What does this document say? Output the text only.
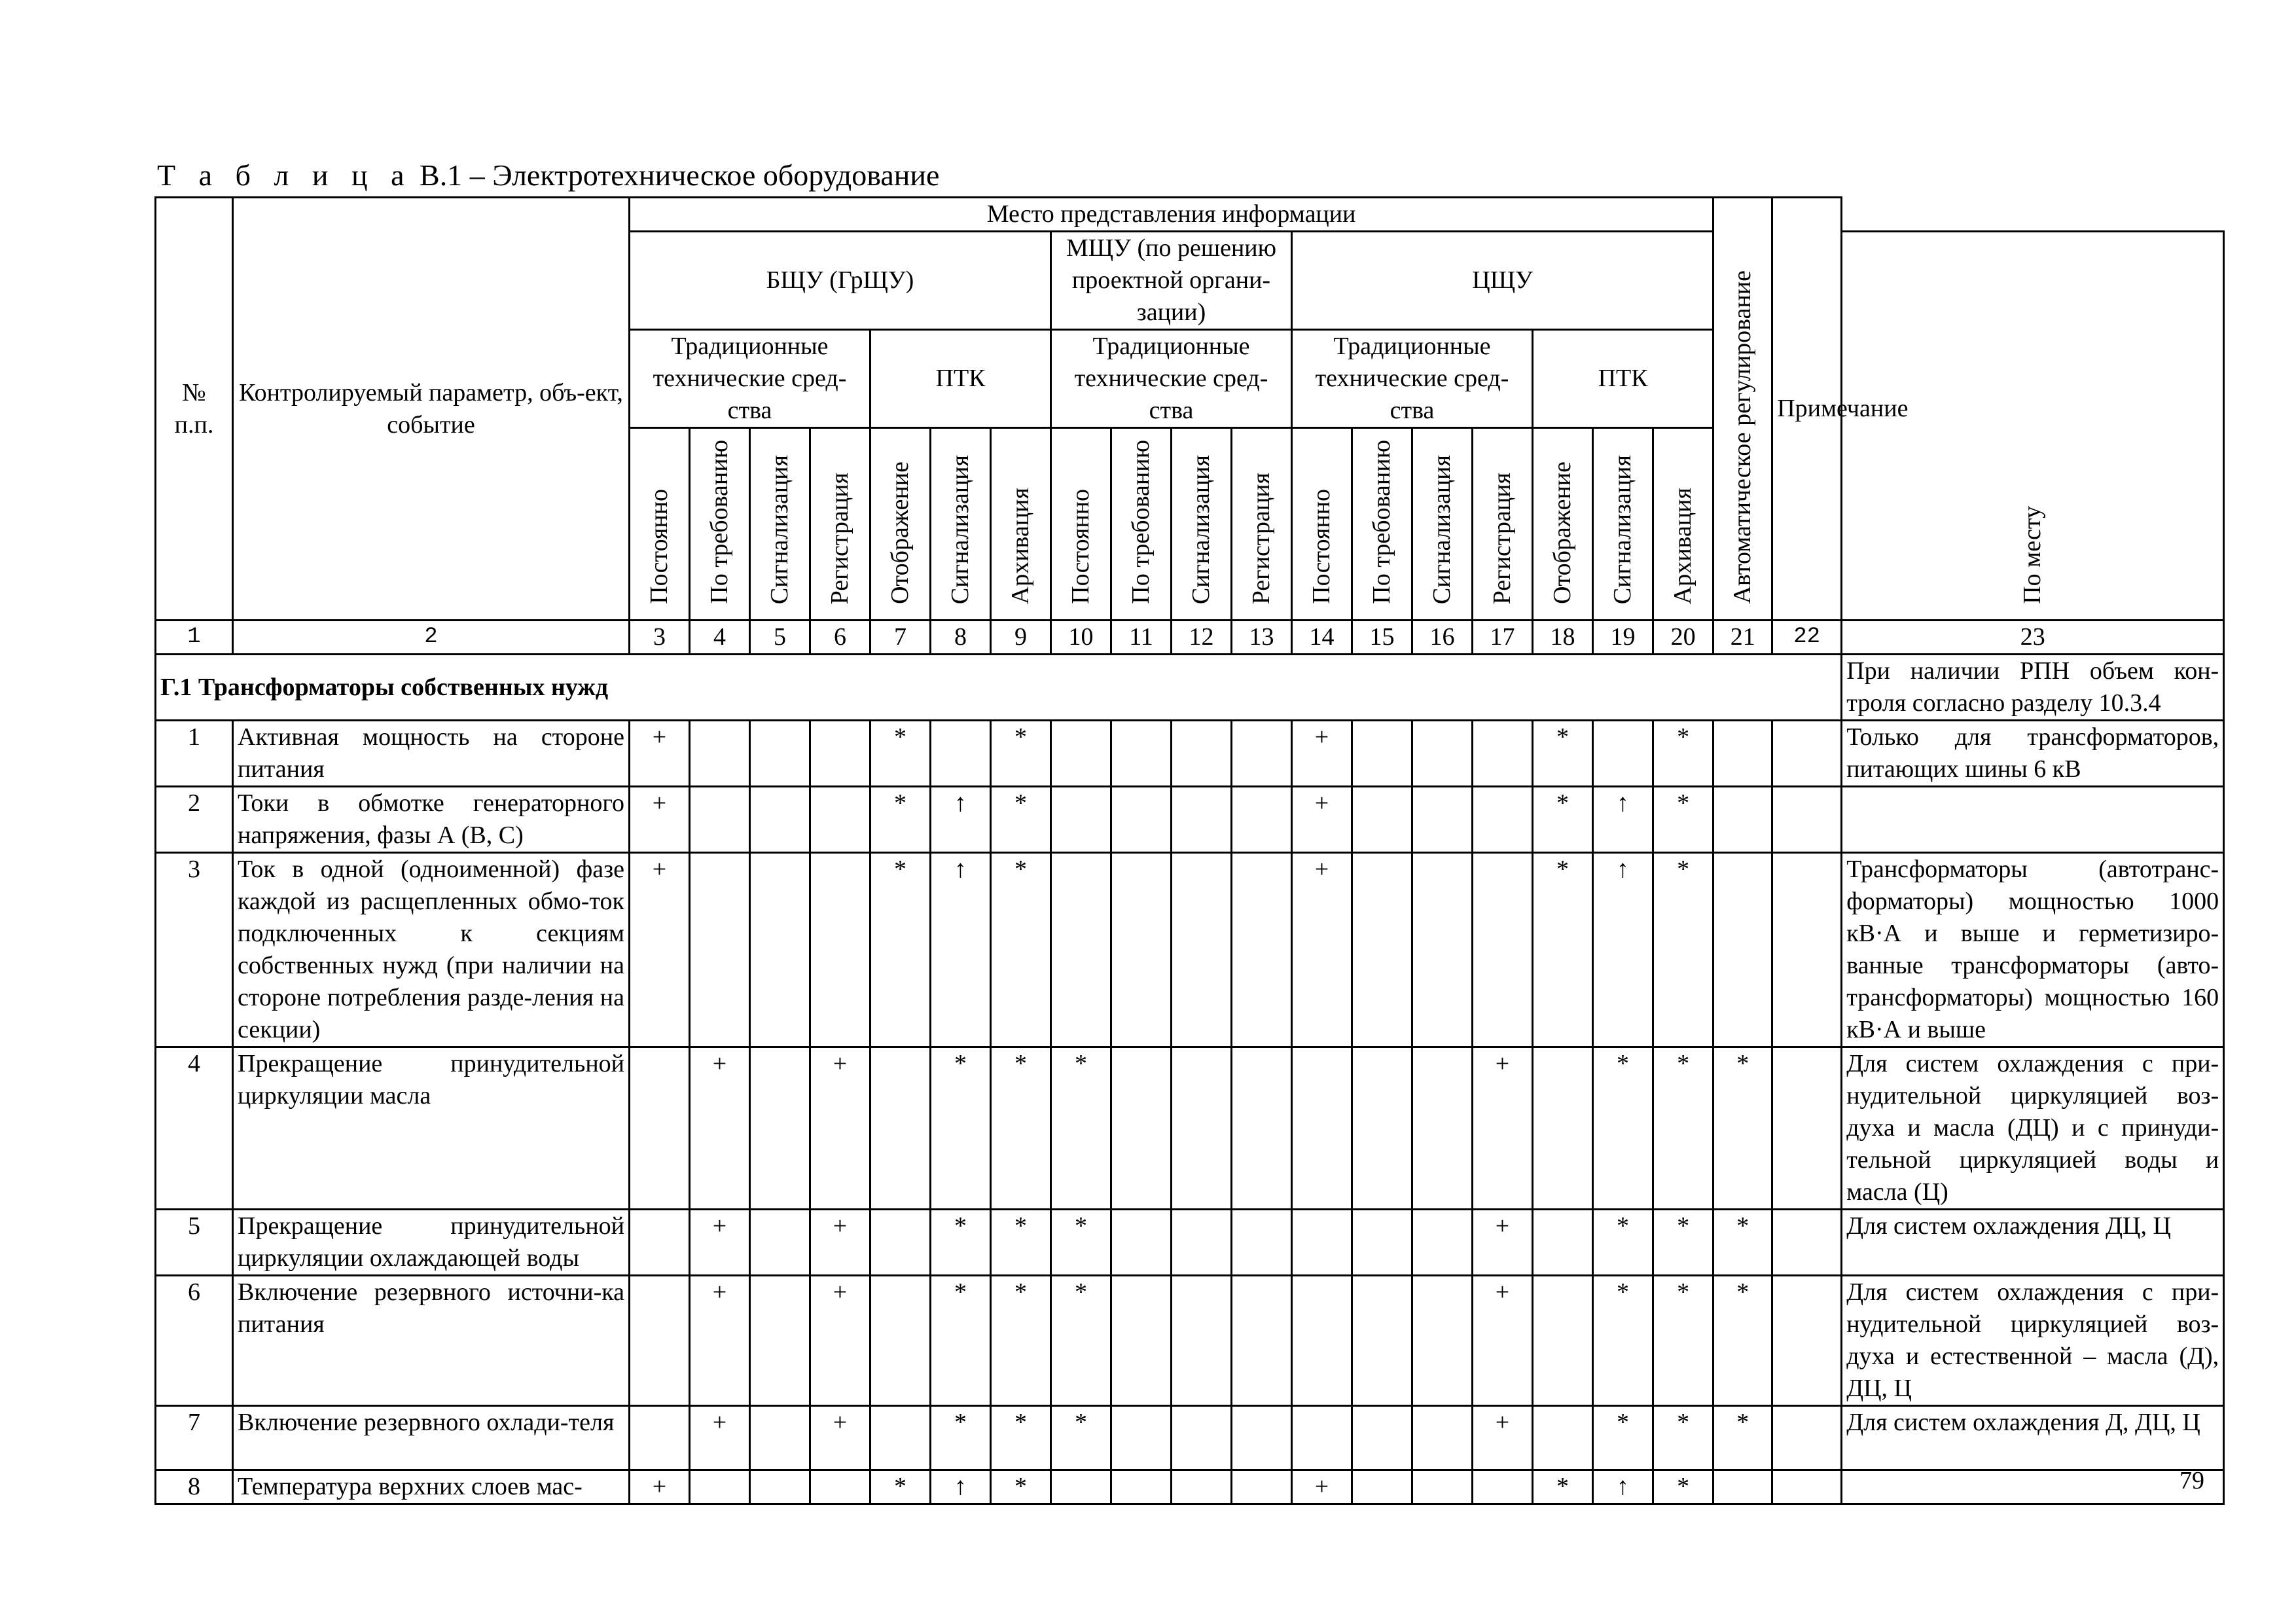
Т а б л и ц а В.1 – Электротехническое оборудование
№ п.п.	Контролируемый параметр, объ-ект, событие	Место представления информации																		Автоматическое регулирование	Примечание	
		БЩУ (ГрЩУ)							МЩУ (по решению проектной органи-зации)				ЦЩУ									По месту
		Традиционные технические сред-ства				ПТК			Традиционные технические сред-ства				Традиционные технические сред-ства				ПТК					
		Постоянно	По требованию	Сигнализация	Регистрация	Отображение	Сигнализация	Архивация	Постоянно	По требованию	Сигнализация	Регистрация	Постоянно	По требованию	Сигнализация	Регистрация	Отображение	Сигнализация	Архивация			
1	2	3	4	5	6	7	8	9	10	11	12	13	14	15	16	17	18	19	20	21	22	23
Г.1 Трансформаторы собственных нужд																						При наличии РПН объем кон-троля согласно разделу 10.3.4
1	Активная мощность на стороне питания	+				*		*					+				*		*			Только для трансформаторов, питающих шины 6 кВ
2	Токи в обмотке генераторного напряжения, фазы А (В, С)	+				*	↑	*					+				*	↑	*			
3	Ток в одной (одноименной) фазе каждой из расщепленных обмо-ток подключенных к секциям собственных нужд (при наличии на стороне потребления разде-ления на секции)	+				*	↑	*					+				*	↑	*			Трансформаторы (автотранс-форматоры) мощностью 1000 кВ·А и выше и герметизиро-ванные трансформаторы (авто-трансформаторы) мощностью 160 кВ·А и выше
4	Прекращение принудительной циркуляции масла		+		+		*	*	*							+		*	*	*		Для систем охлаждения с при-нудительной циркуляцией воз-духа и масла (ДЦ) и с принуди-тельной циркуляцией воды и масла (Ц)
5	Прекращение принудительной циркуляции охлаждающей воды		+		+		*	*	*							+		*	*	*		Для систем охлаждения ДЦ, Ц
6	Включение резервного источни-ка питания		+		+		*	*	*							+		*	*	*		Для систем охлаждения с при-нудительной циркуляцией воз-духа и естественной – масла (Д), ДЦ, Ц
7	Включение резервного охлади-теля		+		+		*	*	*							+		*	*	*		Для систем охлаждения Д, ДЦ, Ц
8	Температура верхних слоев мас-	+				*	↑	*					+				*	↑	*				79
